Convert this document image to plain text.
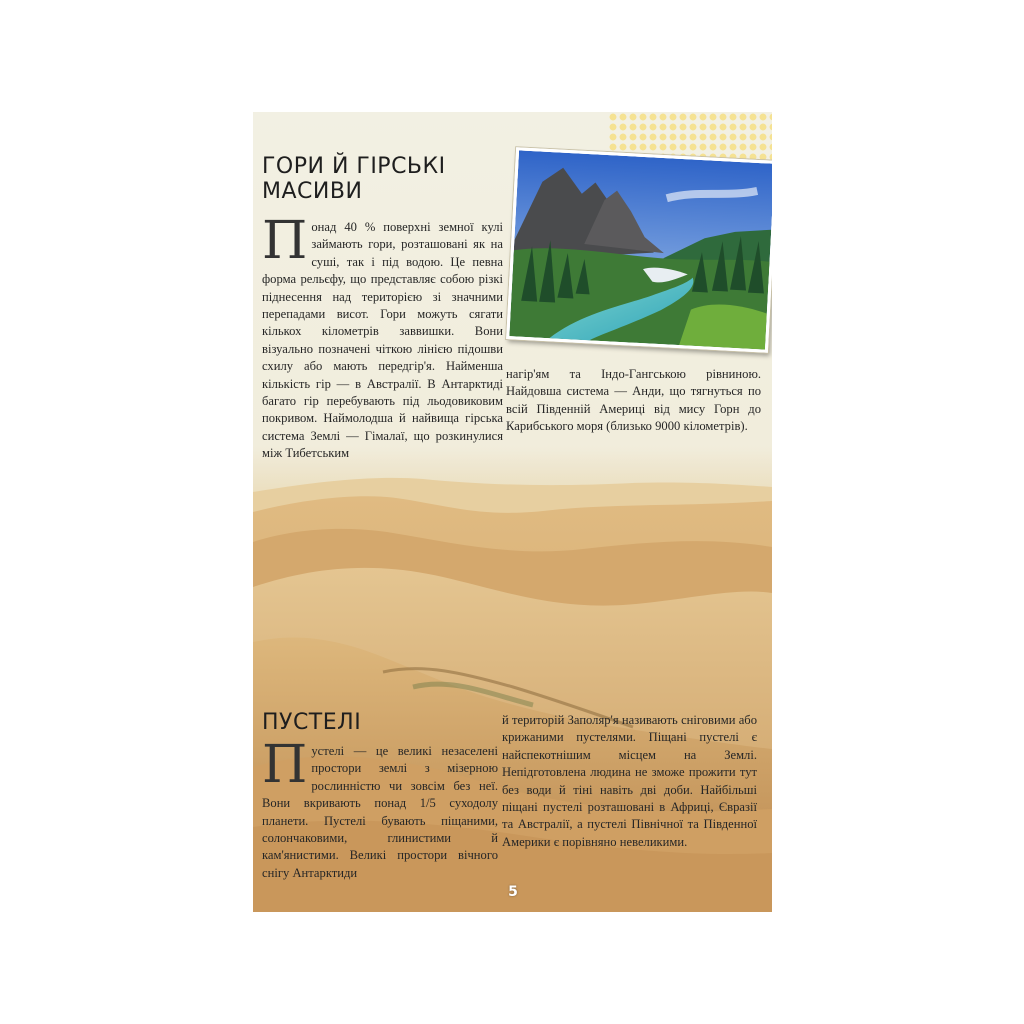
ГОРИ Й ГІРСЬКІ МАСИВИ

Понад 40 % поверхні земної кулі займають гори, розташовані як на суші, так і під водою. Це певна форма рельєфу, що представляє собою різкі піднесення над територією зі значними перепадами висот. Гори можуть сягати кількох кілометрів заввишки. Вони візуально позначені чіткою лінією підошви схилу або мають передгір'я. Найменша кількість гір — в Австралії. В Антарктиді багато гір перебувають під льодовиковим покривом. Наймолодша й найвища гірська система Землі — Гімалаї, що розкинулися між Тибетським

нагір'ям та Індо-Гангською рівниною. Найдовша система — Анди, що тягнуться по всій Південній Америці від мису Горн до Карибського моря (близько 9000 кілометрів).

ПУСТЕЛІ

Пустелі — це великі незаселені простори землі з мізерною рослинністю чи зовсім без неї. Вони вкривають понад 1/5 суходолу планети. Пустелі бувають піщаними, солончаковими, глинистими й кам'янистими. Великі простори вічного снігу Антарктиди

й територій Заполяр'я називають сніговими або крижаними пустелями. Піщані пустелі є найспекотнішим місцем на Землі. Непідготовлена людина не зможе прожити тут без води й тіні навіть дві доби. Найбільші піщані пустелі розташовані в Африці, Євразії та Австралії, а пустелі Північної та Південної Америки є порівняно невеликими.

5
